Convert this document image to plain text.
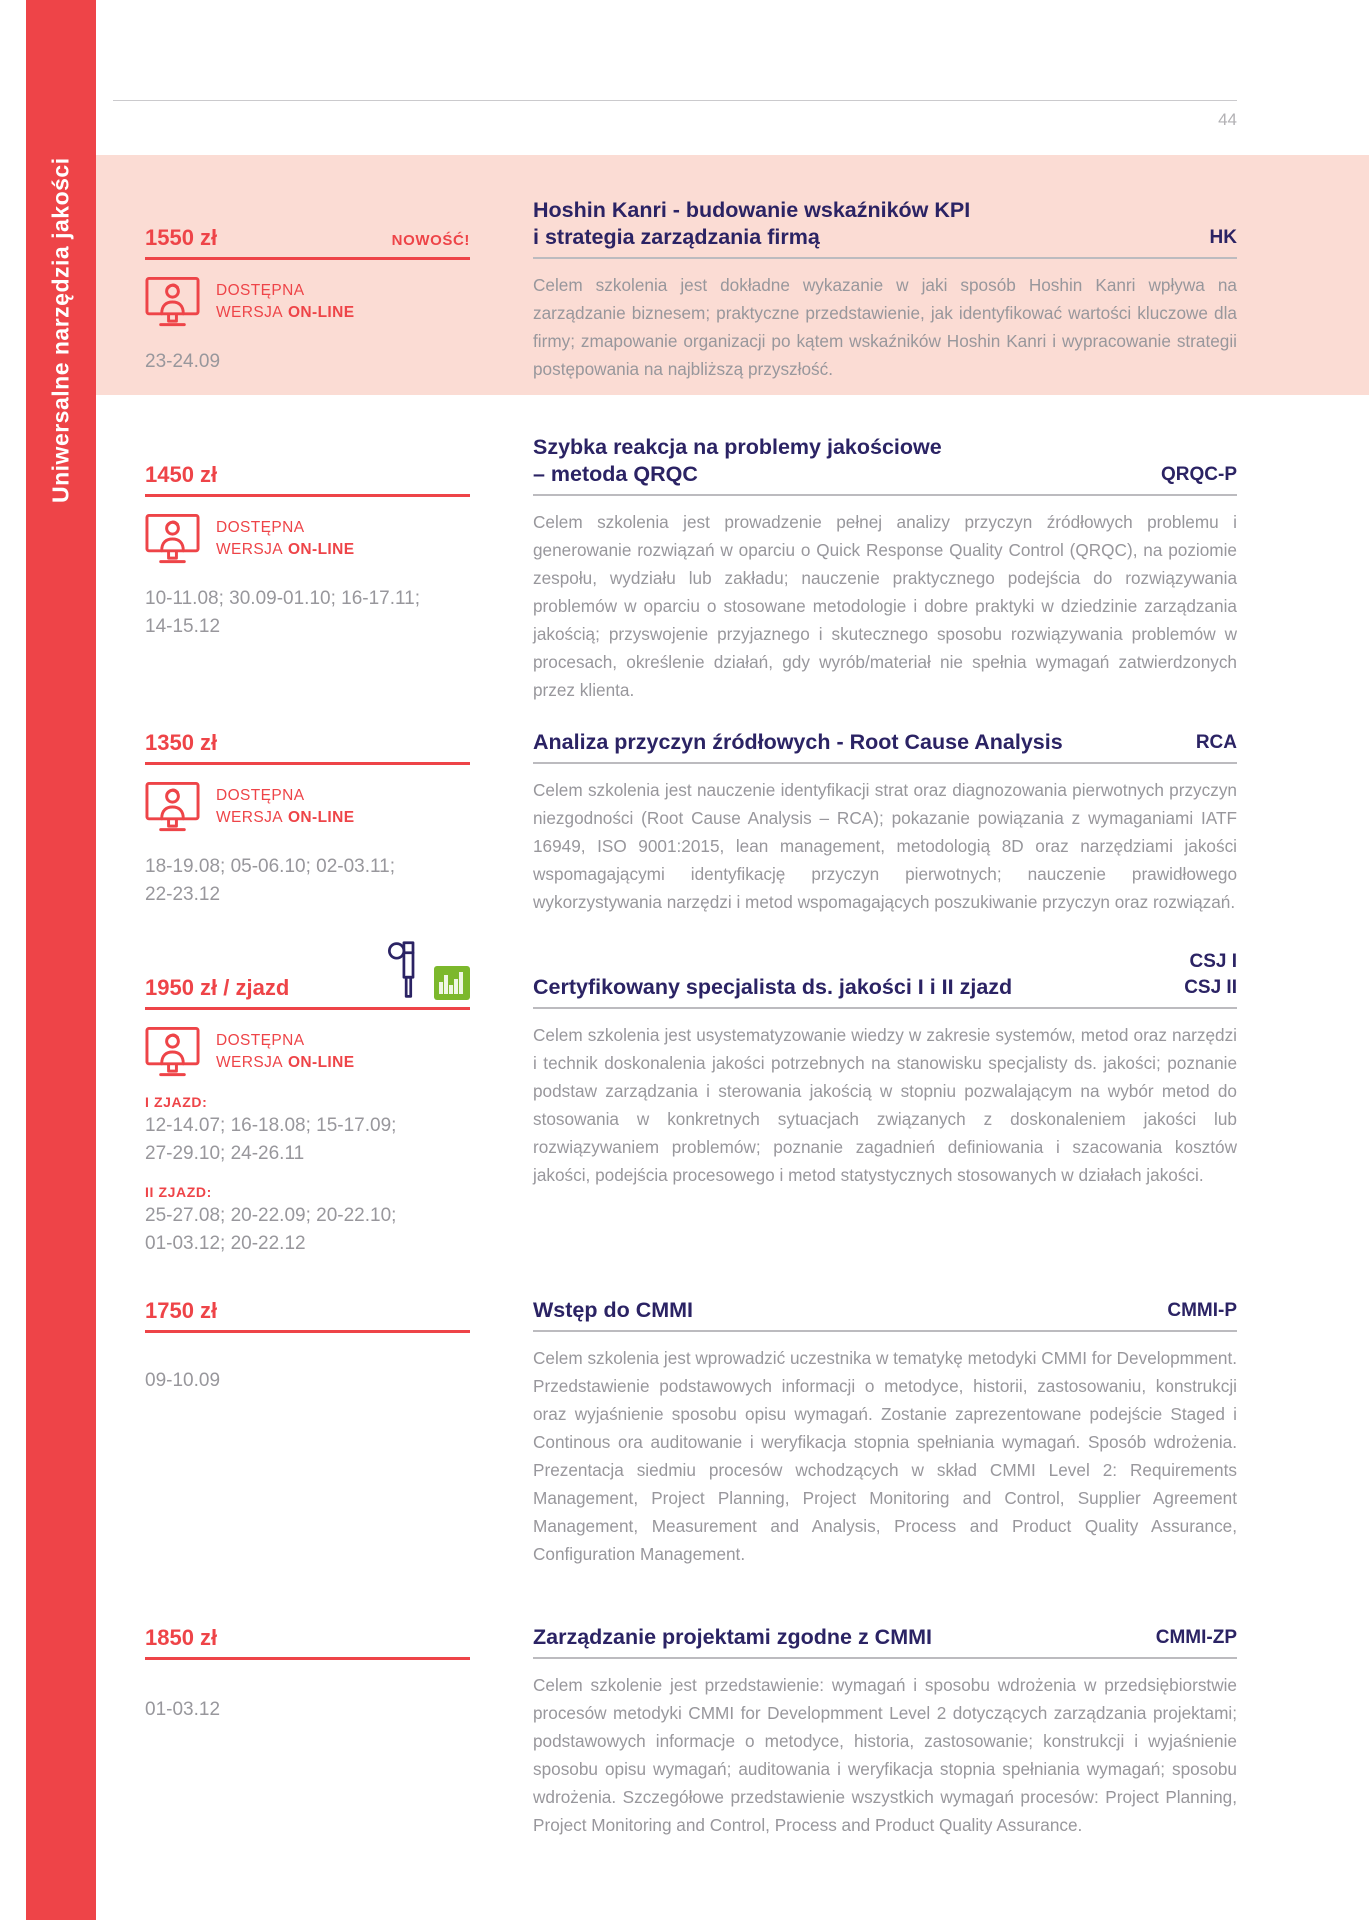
44
Uniwersalne narzędzia jakości	1550 zł	NOWOŚĆ!
DOSTĘPNA
WERSJA ON-LINE
23-24.09
Hoshin Kanri - budowanie wskaźników KPI
i strategia zarządzania firmą	HK

Celem szkolenia jest dokładne wykazanie w jaki sposób Hoshin Kanri wpływa na zarządzanie biznesem; praktyczne przedstawienie, jak identyfikować wartości kluczowe dla firmy; zmapowanie organizacji po kątem wskaźników Hoshin Kanri i wypracowanie strategii postępowania na najbliższą przyszłość.

1450 zł
DOSTĘPNA
WERSJA ON-LINE
10-11.08; 30.09-01.10; 16-17.11;
14-15.12
Szybka reakcja na problemy jakościowe
– metoda QRQC	QRQC-P

Celem szkolenia jest prowadzenie pełnej analizy przyczyn źródłowych problemu i generowanie rozwiązań w oparciu o Quick Response Quality Control (QRQC), na poziomie zespołu, wydziału lub zakładu; nauczenie praktycznego podejścia do rozwiązywania problemów w oparciu o stosowane metodologie i dobre praktyki w dziedzinie zarządzania jakością; przyswojenie przyjaznego i skutecznego sposobu rozwiązywania problemów w procesach, określenie działań, gdy wyrób/materiał nie spełnia wymagań zatwierdzonych przez klienta.

1350 zł
DOSTĘPNA
WERSJA ON-LINE
18-19.08; 05-06.10; 02-03.11;
22-23.12
Analiza przyczyn źródłowych - Root Cause Analysis	RCA

Celem szkolenia jest nauczenie identyfikacji strat oraz diagnozowania pierwotnych przyczyn niezgodności (Root Cause Analysis – RCA); pokazanie powiązania z wymaganiami IATF 16949, ISO 9001:2015, lean management, metodologią 8D oraz narzędziami jakości wspomagającymi identyfikację przyczyn pierwotnych; nauczenie prawidłowego wykorzystywania narzędzi i metod wspomagających poszukiwanie przyczyn oraz rozwiązań.

1950 zł / zjazd
DOSTĘPNA
WERSJA ON-LINE
I ZJAZD:
12-14.07; 16-18.08; 15-17.09;
27-29.10; 24-26.11
II ZJAZD:
25-27.08; 20-22.09; 20-22.10;
01-03.12; 20-22.12
Certyfikowany specjalista ds. jakości I i II zjazd
CSJ I
CSJ II

Celem szkolenia jest usystematyzowanie wiedzy w zakresie systemów, metod oraz narzędzi i technik doskonalenia jakości potrzebnych na stanowisku specjalisty ds. jakości; poznanie podstaw zarządzania i sterowania jakością w stopniu pozwalającym na wybór metod do stosowania w konkretnych sytuacjach związanych z doskonaleniem jakości lub rozwiązywaniem problemów; poznanie zagadnień definiowania i szacowania kosztów jakości, podejścia procesowego i metod statystycznych stosowanych w działach jakości.

1750 zł
09-10.09
Wstęp do CMMI	CMMI-P

Celem szkolenia jest wprowadzić uczestnika w tematykę metodyki CMMI for Developmment. Przedstawienie podstawowych informacji o metodyce, historii, zastosowaniu, konstrukcji oraz wyjaśnienie sposobu opisu wymagań. Zostanie zaprezentowane podejście Staged i Continous ora auditowanie i weryfikacja stopnia spełniania wymagań. Sposób wdrożenia. Prezentacja siedmiu procesów wchodzących w skład CMMI Level 2: Requirements Management, Project Planning, Project Monitoring and Control, Supplier Agreement Management, Measurement and Analysis, Process and Product Quality Assurance, Configuration Management.

1850 zł
01-03.12
Zarządzanie projektami zgodne z CMMI	CMMI-ZP

Celem szkolenie jest przedstawienie: wymagań i sposobu wdrożenia w przedsiębiorstwie procesów metodyki CMMI for Developmment Level 2 dotyczących zarządzania projektami; podstawowych informacje o metodyce, historia, zastosowanie; konstrukcji i wyjaśnienie sposobu opisu wymagań; auditowania i weryfikacja stopnia spełniania wymagań; sposobu wdrożenia. Szczegółowe przedstawienie wszystkich wymagań procesów: Project Planning, Project Monitoring and Control, Process and Product Quality Assurance.
